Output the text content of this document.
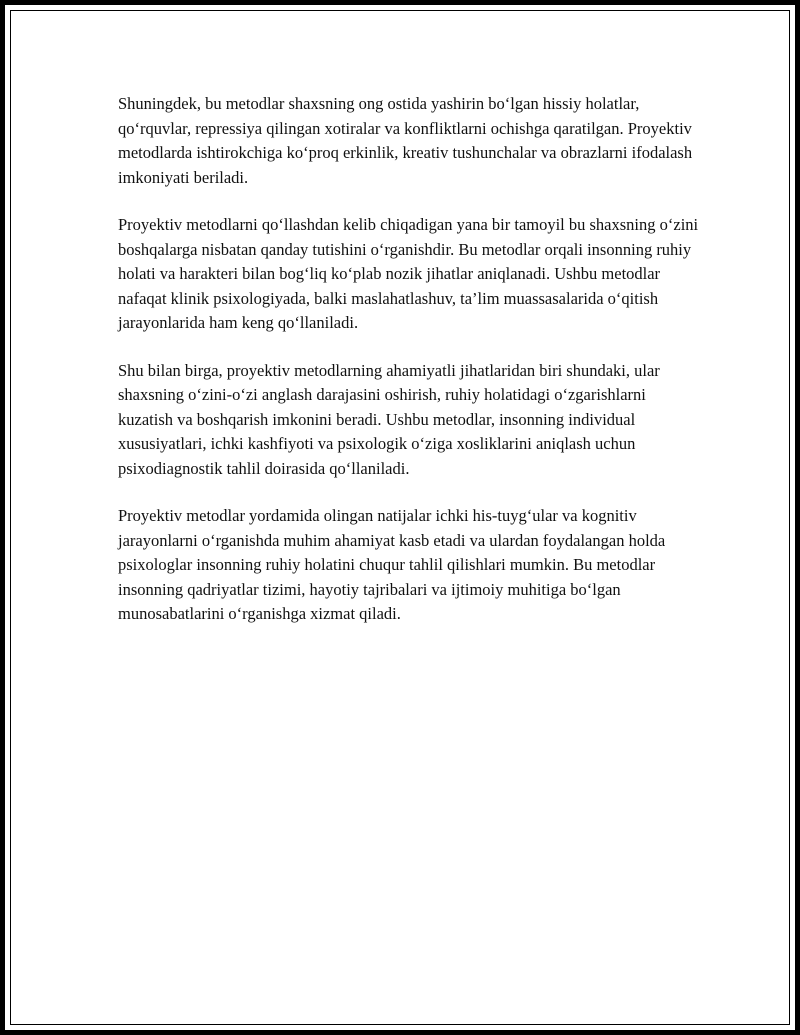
Shuningdek, bu metodlar shaxsning ong ostida yashirin bo‘lgan hissiy holatlar, qo‘rquvlar, repressiya qilingan xotiralar va konfliktlarni ochishga qaratilgan. Proyektiv metodlarda ishtirokchiga ko‘proq erkinlik, kreativ tushunchalar va obrazlarni ifodalash imkoniyati beriladi.

Proyektiv metodlarni qo‘llashdan kelib chiqadigan yana bir tamoyil bu shaxsning o‘zini boshqalarga nisbatan qanday tutishini o‘rganishdir. Bu metodlar orqali insonning ruhiy holati va harakteri bilan bog‘liq ko‘plab nozik jihatlar aniqlanadi. Ushbu metodlar nafaqat klinik psixologiyada, balki maslahatlashuv, ta’lim muassasalarida o‘qitish jarayonlarida ham keng qo‘llaniladi.

Shu bilan birga, proyektiv metodlarning ahamiyatli jihatlaridan biri shundaki, ular shaxsning o‘zini-o‘zi anglash darajasini oshirish, ruhiy holatidagi o‘zgarishlarni kuzatish va boshqarish imkonini beradi. Ushbu metodlar, insonning individual xususiyatlari, ichki kashfiyoti va psixologik o‘ziga xosliklarini aniqlash uchun psixodiagnostik tahlil doirasida qo‘llaniladi.

Proyektiv metodlar yordamida olingan natijalar ichki his-tuyg‘ular va kognitiv jarayonlarni o‘rganishda muhim ahamiyat kasb etadi va ulardan foydalangan holda psixologlar insonning ruhiy holatini chuqur tahlil qilishlari mumkin. Bu metodlar insonning qadriyatlar tizimi, hayotiy tajribalari va ijtimoiy muhitiga bo‘lgan munosabatlarini o‘rganishga xizmat qiladi.
